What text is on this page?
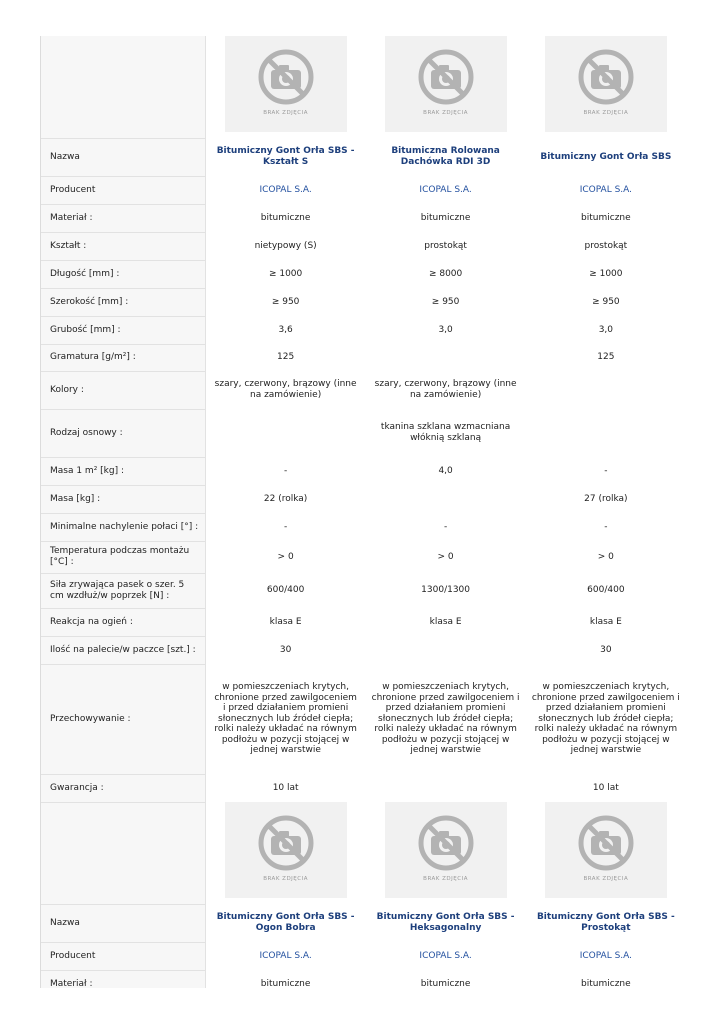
	BRAK ZDJĘCIA	BRAK ZDJĘCIA	BRAK ZDJĘCIA

Nazwa	Bitumiczny Gont Orła SBS - Kształt S	Bitumiczna Rolowana Dachówka RDI 3D	Bitumiczny Gont Orła SBS
Producent	ICOPAL S.A.	ICOPAL S.A.	ICOPAL S.A.
Materiał :	bitumiczne	bitumiczne	bitumiczne
Kształt :	nietypowy (S)	prostokąt	prostokąt
Długość [mm] :	≥ 1000	≥ 8000	≥ 1000
Szerokość [mm] :	≥ 950	≥ 950	≥ 950
Grubość [mm] :	3,6	3,0	3,0
Gramatura [g/m²] :	125		125
Kolory :	szary, czerwony, brązowy (inne na zamówienie)	szary, czerwony, brązowy (inne na zamówienie)	
Rodzaj osnowy :		tkanina szklana wzmacniana włóknią szklaną	
Masa 1 m² [kg] :	-	4,0	-
Masa [kg] :	22 (rolka)		27 (rolka)
Minimalne nachylenie połaci [°] :	-	-	-
Temperatura podczas montażu [°C] :	> 0	> 0	> 0
Siła zrywająca pasek o szer. 5 cm wzdłuż/w poprzek [N] :	600/400	1300/1300	600/400
Reakcja na ogień :	klasa E	klasa E	klasa E
Ilość na palecie/w paczce [szt.] :	30		30
Przechowywanie :	w pomieszczeniach krytych, chronione przed zawilgoceniem i przed działaniem promieni słonecznych lub źródeł ciepła; rolki należy układać na równym podłożu w pozycji stojącej w jednej warstwie	w pomieszczeniach krytych, chronione przed zawilgoceniem i przed działaniem promieni słonecznych lub źródeł ciepła; rolki należy układać na równym podłożu w pozycji stojącej w jednej warstwie	w pomieszczeniach krytych, chronione przed zawilgoceniem i przed działaniem promieni słonecznych lub źródeł ciepła; rolki należy układać na równym podłożu w pozycji stojącej w jednej warstwie
Gwarancja :	10 lat		10 lat

	BRAK ZDJĘCIA	BRAK ZDJĘCIA	BRAK ZDJĘCIA

Nazwa	Bitumiczny Gont Orła SBS - Ogon Bobra	Bitumiczny Gont Orła SBS - Heksagonalny	Bitumiczny Gont Orła SBS - Prostokąt
Producent	ICOPAL S.A.	ICOPAL S.A.	ICOPAL S.A.
Materiał :	bitumiczne	bitumiczne	bitumiczne
